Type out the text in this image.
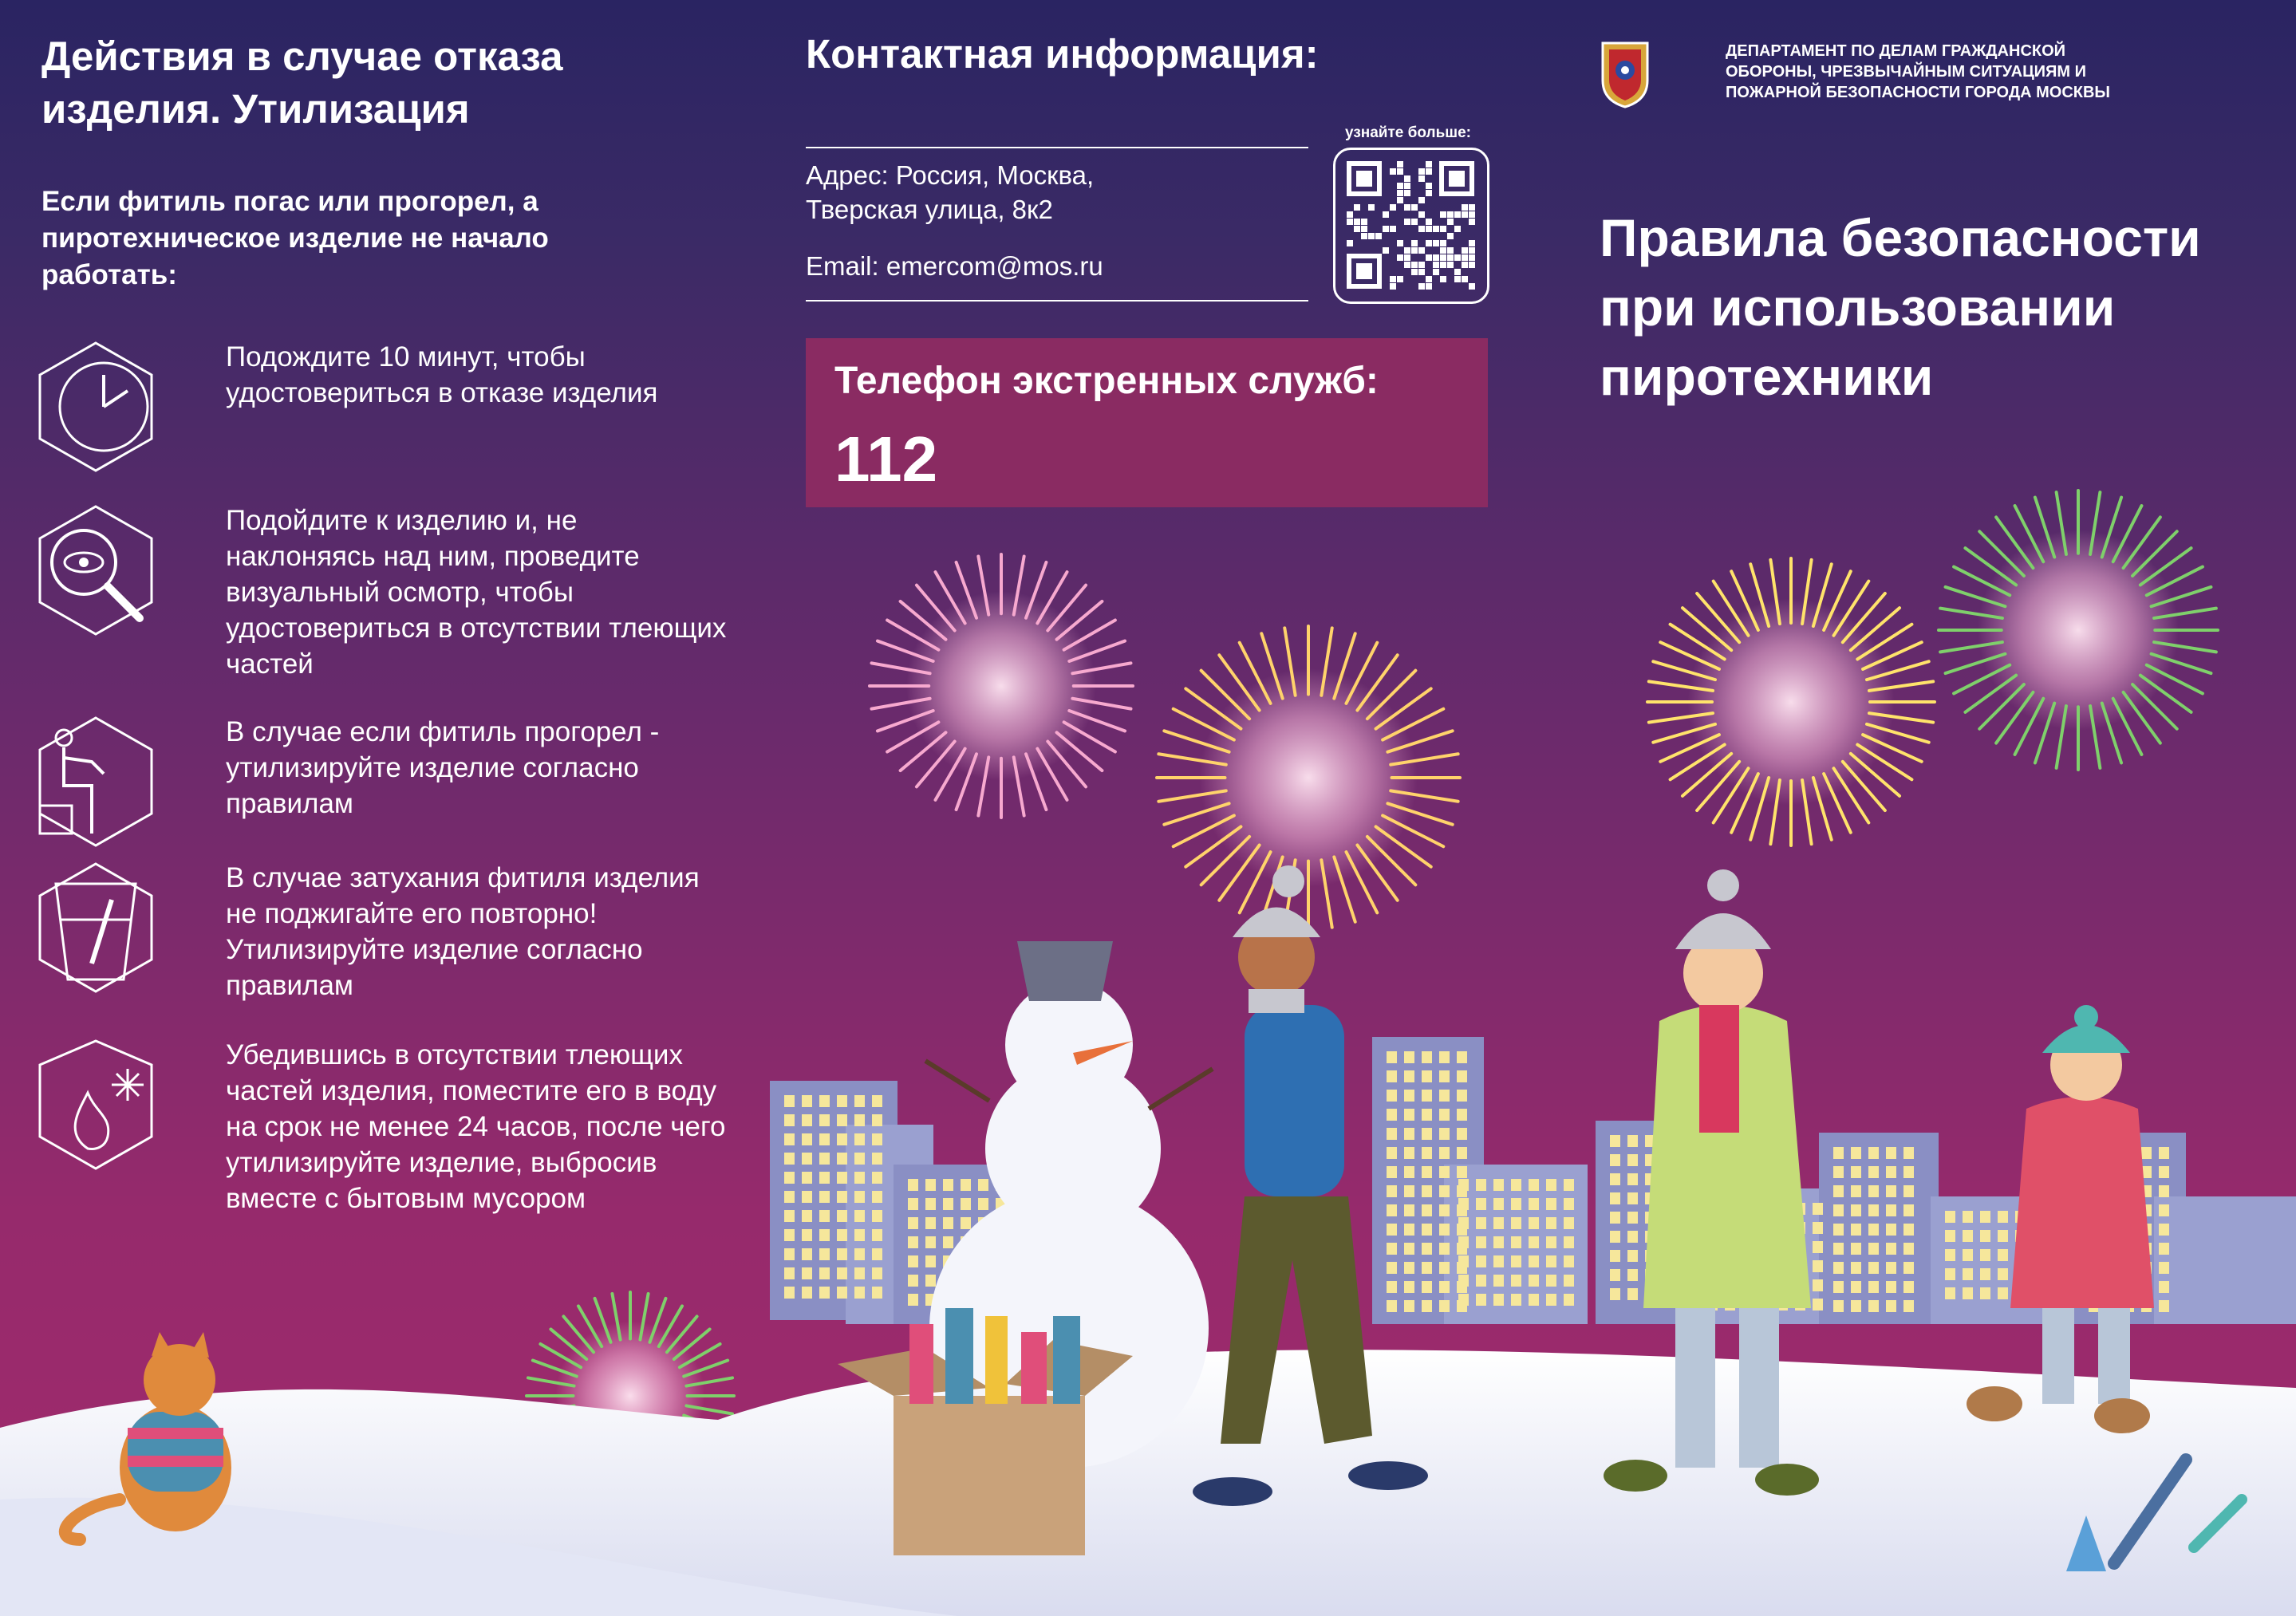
Действия в случае отказа изделия. Утилизация

Если фитиль погас или прогорел, а пиротехническое изделие не начало работать:

Подождите 10 минут, чтобы удостовериться в отказе изделия

Подойдите к изделию и, не наклоняясь над ним, проведите визуальный осмотр, чтобы удостовериться в отсутствии тлеющих частей

В случае если фитиль прогорел - утилизируйте изделие согласно правилам

В случае затухания фитиля изделия не поджигайте его повторно! Утилизируйте изделие согласно правилам

Убедившись в отсутствии тлеющих частей изделия, поместите его в воду на срок не менее 24 часов, после чего утилизируйте изделие, выбросив вместе с бытовым мусором

Контактная информация:

Адрес: Россия, Москва,

Тверская улица, 8к2

Email: emercom@mos.ru

узнайте больше:

Телефон экстренных служб:

112

ДЕПАРТАМЕНТ ПО ДЕЛАМ ГРАЖДАНСКОЙ ОБОРОНЫ, ЧРЕЗВЫЧАЙНЫМ СИТУАЦИЯМ И ПОЖАРНОЙ БЕЗОПАСНОСТИ ГОРОДА МОСКВЫ

Правила безопасности при использовании пиротехники
